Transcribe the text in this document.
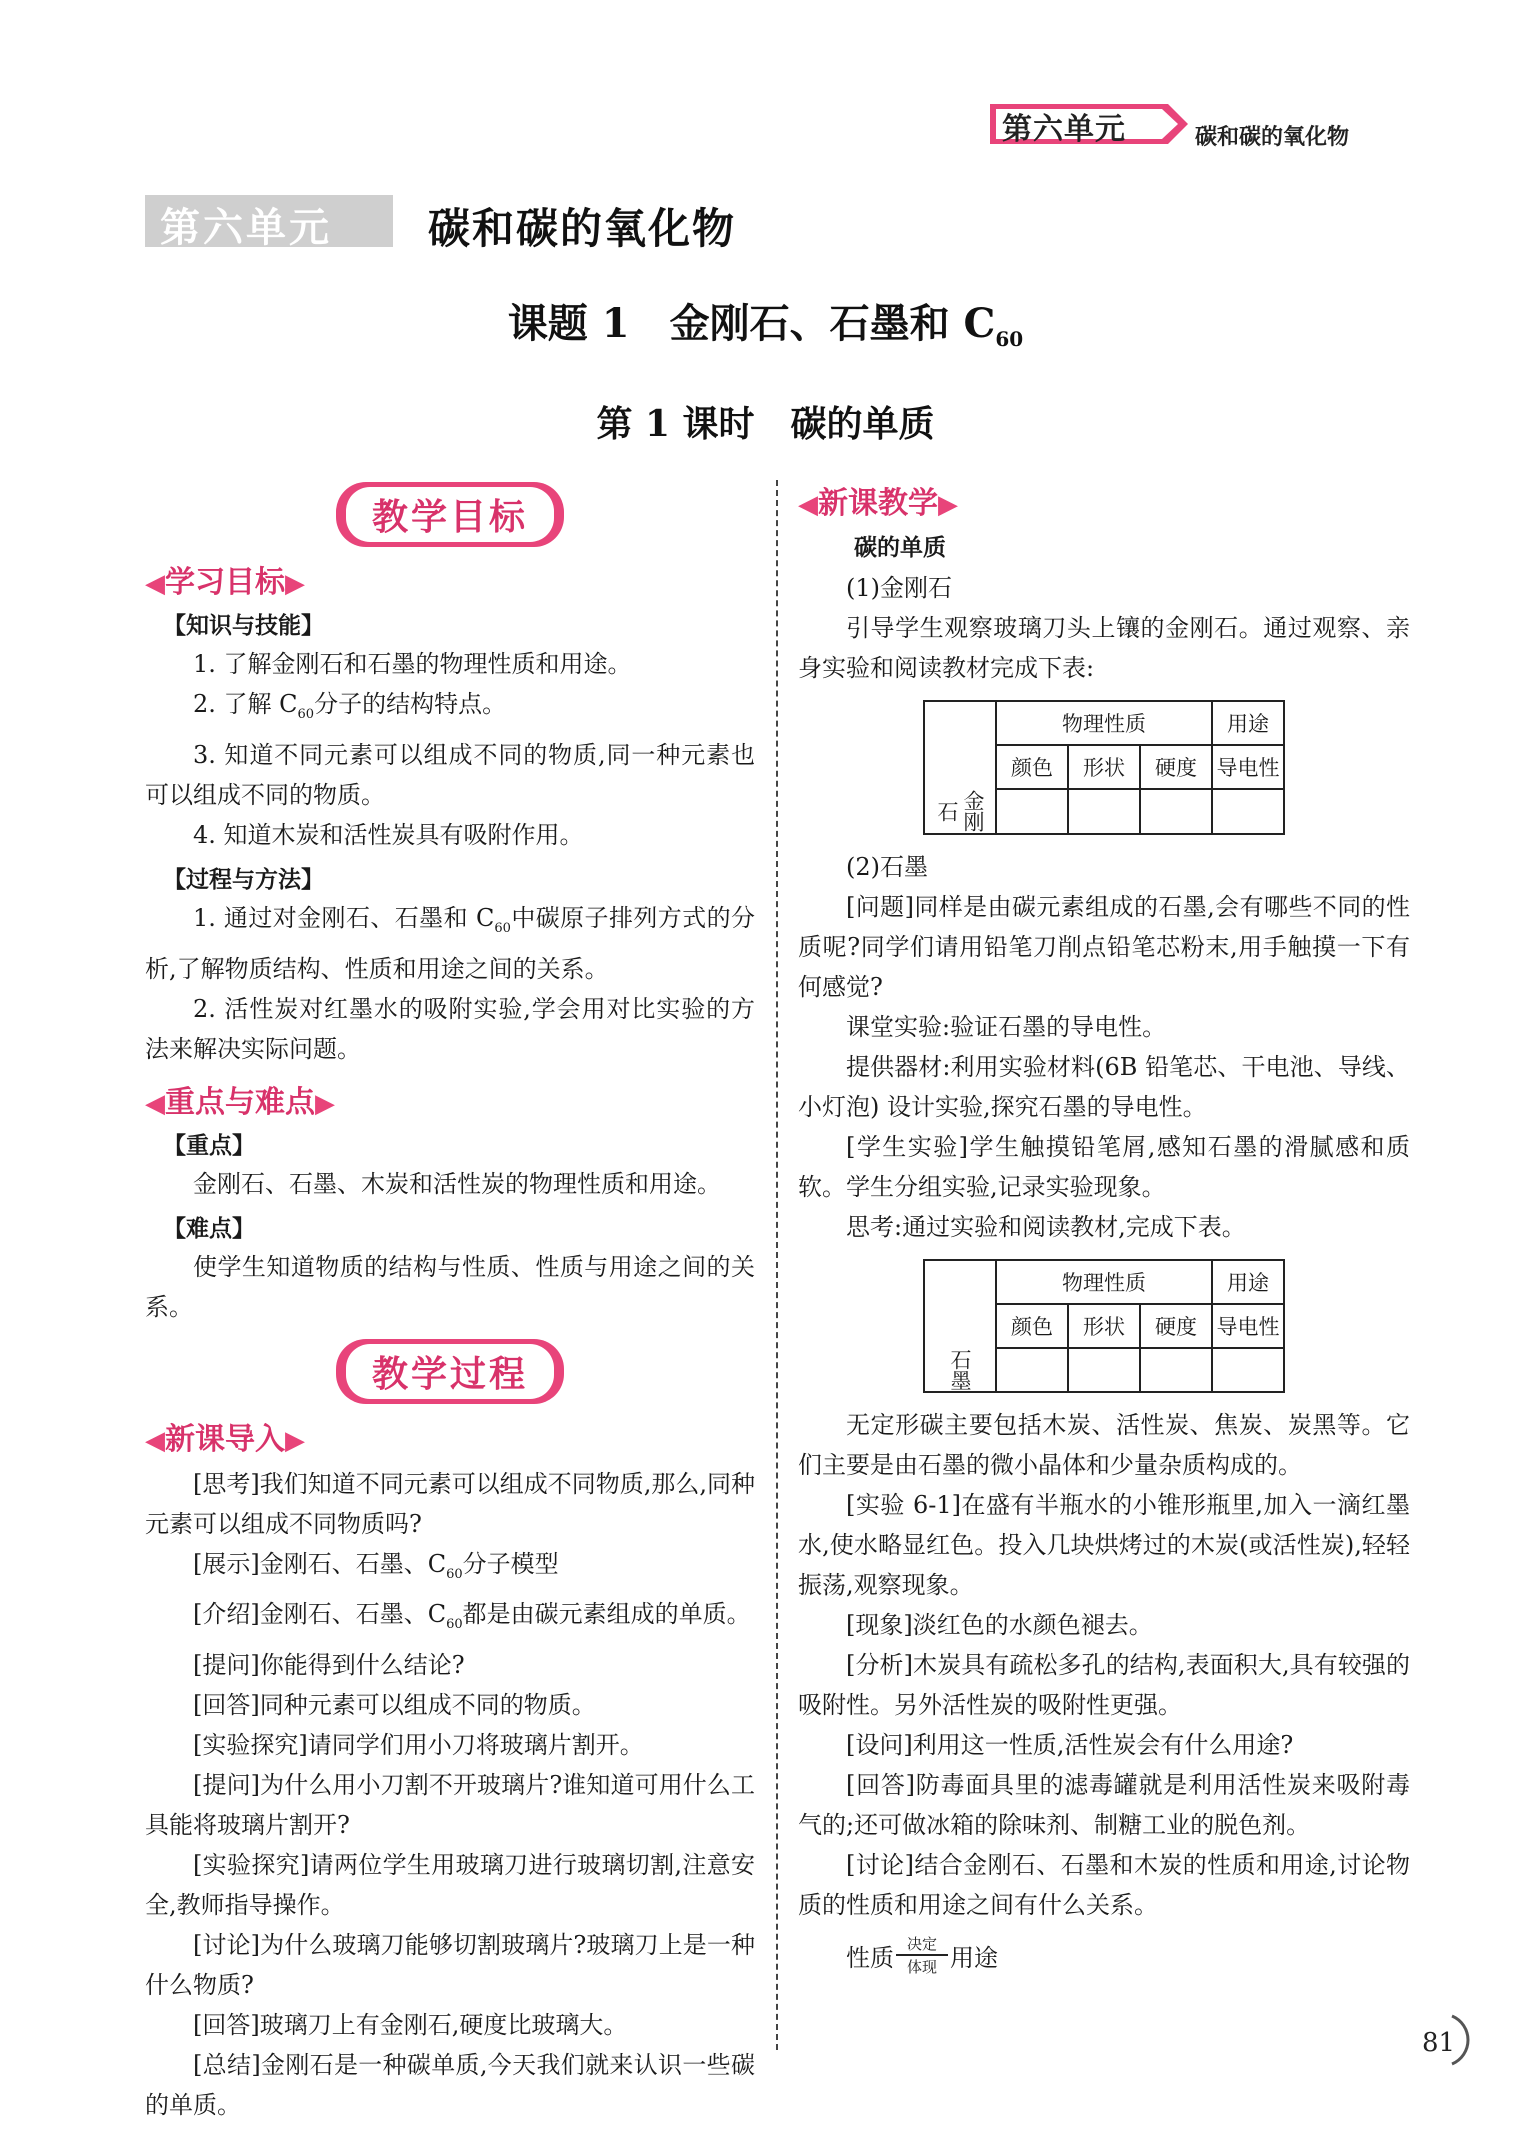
第六单元	碳和碳的氧化物
第六单元 碳和碳的氧化物
课题 1　金刚石、石墨和 $C_{60}$
第 1 课时　碳的单质
教学目标
◀学习目标▶
【知识与技能】

1. 了解金刚石和石墨的物理性质和用途。

2. 了解 $C_{60}$分子的结构特点。

3. 知道不同元素可以组成不同的物质,同一种元素也可以组成不同的物质。

4. 知道木炭和活性炭具有吸附作用。

【过程与方法】

1. 通过对金刚石、石墨和 $C_{60}$中碳原子排列方式的分析,了解物质结构、性质和用途之间的关系。

2. 活性炭对红墨水的吸附实验,学会用对比实验的方法来解决实际问题。

◀重点与难点▶
【重点】

金刚石、石墨、木炭和活性炭的物理性质和用途。

【难点】

使学生知道物质的结构与性质、性质与用途之间的关系。

教学过程
◀新课导入▶

[思考]我们知道不同元素可以组成不同物质,那么,同种元素可以组成不同物质吗?

[展示]金刚石、石墨、$C_{60}$分子模型

[介绍]金刚石、石墨、$C_{60}$都是由碳元素组成的单质。

[提问]你能得到什么结论?

[回答]同种元素可以组成不同的物质。

[实验探究]请同学们用小刀将玻璃片割开。

[提问]为什么用小刀割不开玻璃片?谁知道可用什么工具能将玻璃片割开?

[实验探究]请两位学生用玻璃刀进行玻璃切割,注意安全,教师指导操作。

[讨论]为什么玻璃刀能够切割玻璃片?玻璃刀上是一种什么物质?

[回答]玻璃刀上有金刚石,硬度比玻璃大。

[总结]金刚石是一种碳单质,今天我们就来认识一些碳的单质。

◀新课教学▶
碳的单质

(1)金刚石

引导学生观察玻璃刀头上镶的金刚石。通过观察、亲身实验和阅读教材完成下表:

	物理性质			用途
	颜色	形状	硬度	导电性
金刚石				

(2)石墨

[问题]同样是由碳元素组成的石墨,会有哪些不同的性质呢?同学们请用铅笔刀削点铅笔芯粉末,用手触摸一下有何感觉?

课堂实验:验证石墨的导电性。

提供器材:利用实验材料(6B 铅笔芯、干电池、导线、小灯泡) 设计实验,探究石墨的导电性。

[学生实验]学生触摸铅笔屑,感知石墨的滑腻感和质软。学生分组实验,记录实验现象。

思考:通过实验和阅读教材,完成下表。

	物理性质			用途
	颜色	形状	硬度	导电性
石墨				

无定形碳主要包括木炭、活性炭、焦炭、炭黑等。它们主要是由石墨的微小晶体和少量杂质构成的。

[实验 6-1]在盛有半瓶水的小锥形瓶里,加入一滴红墨水,使水略显红色。投入几块烘烤过的木炭(或活性炭),轻轻振荡,观察现象。

[现象]淡红色的水颜色褪去。

[分析]木炭具有疏松多孔的结构,表面积大,具有较强的吸附性。另外活性炭的吸附性更强。

[设问]利用这一性质,活性炭会有什么用途?

[回答]防毒面具里的滤毒罐就是利用活性炭来吸附毒气的;还可做冰箱的除味剂、制糖工业的脱色剂。

[讨论]结合金刚石、石墨和木炭的性质和用途,讨论物质的性质和用途之间有什么关系。

性质 $\frac{\text{决定}}{\text{体现}}$ 用途
81
